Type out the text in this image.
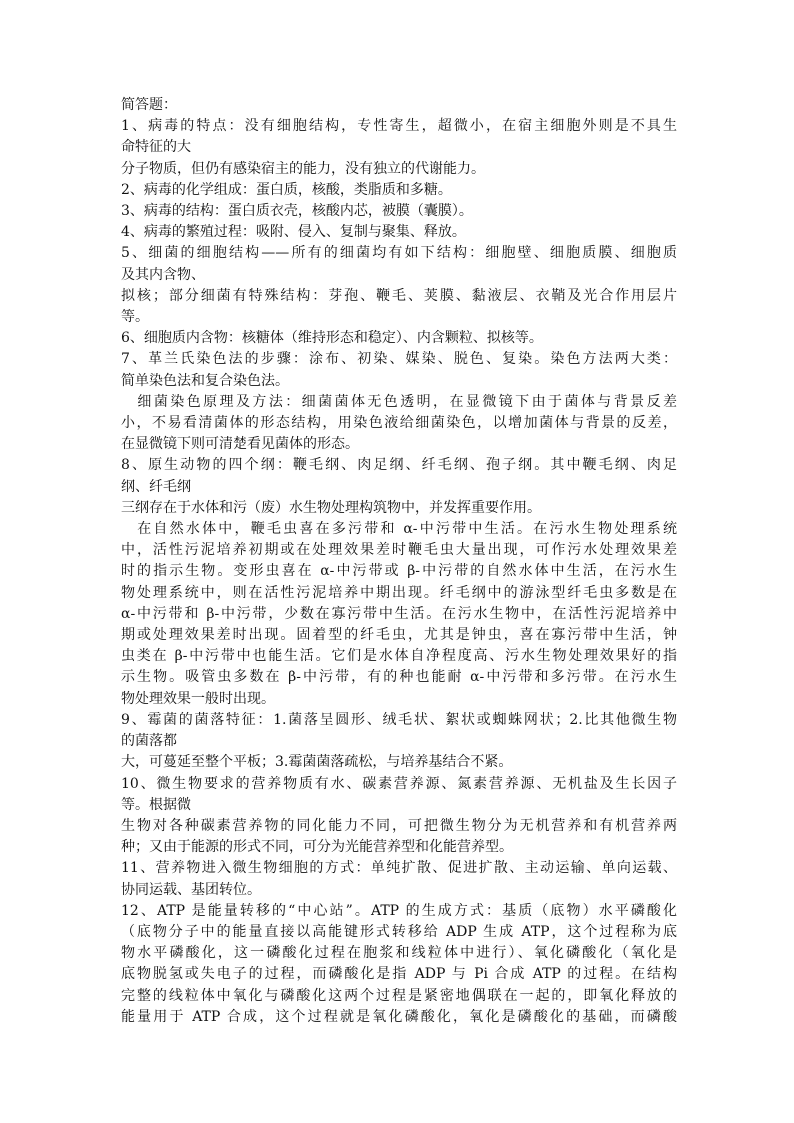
简答题：

1、病毒的特点：没有细胞结构，专性寄生，超微小，在宿主细胞外则是不具生

命特征的大

分子物质，但仍有感染宿主的能力，没有独立的代谢能力。

2、病毒的化学组成：蛋白质，核酸，类脂质和多糖。

3、病毒的结构：蛋白质衣壳，核酸内芯，被膜（囊膜）。

4、病毒的繁殖过程：吸附、侵入、复制与聚集、释放。

5、细菌的细胞结构——所有的细菌均有如下结构：细胞壁、细胞质膜、细胞质

及其内含物、

拟核；部分细菌有特殊结构：芽孢、鞭毛、荚膜、黏液层、衣鞘及光合作用层片

等。

6、细胞质内含物：核糖体（维持形态和稳定）、内含颗粒、拟核等。

7、革兰氏染色法的步骤：涂布、初染、媒染、脱色、复染。染色方法两大类：

简单染色法和复合染色法。

　细菌染色原理及方法：细菌菌体无色透明，在显微镜下由于菌体与背景反差

小，不易看清菌体的形态结构，用染色液给细菌染色，以增加菌体与背景的反差，

在显微镜下则可清楚看见菌体的形态。

8、原生动物的四个纲：鞭毛纲、肉足纲、纤毛纲、孢子纲。其中鞭毛纲、肉足

纲、纤毛纲

三纲存在于水体和污（废）水生物处理构筑物中，并发挥重要作用。

　在自然水体中，鞭毛虫喜在多污带和 α-中污带中生活。在污水生物处理系统

中，活性污泥培养初期或在处理效果差时鞭毛虫大量出现，可作污水处理效果差

时的指示生物。变形虫喜在 α-中污带或 β-中污带的自然水体中生活，在污水生

物处理系统中，则在活性污泥培养中期出现。纤毛纲中的游泳型纤毛虫多数是在

α-中污带和 β-中污带，少数在寡污带中生活。在污水生物中，在活性污泥培养中

期或处理效果差时出现。固着型的纤毛虫，尤其是钟虫，喜在寡污带中生活，钟

虫类在 β-中污带中也能生活。它们是水体自净程度高、污水生物处理效果好的指

示生物。吸管虫多数在 β-中污带，有的种也能耐 α-中污带和多污带。在污水生

物处理效果一般时出现。

9、霉菌的菌落特征：1.菌落呈圆形、绒毛状、絮状或蜘蛛网状；2.比其他微生物

的菌落都

大，可蔓延至整个平板；3.霉菌菌落疏松，与培养基结合不紧。

10、微生物要求的营养物质有水、碳素营养源、氮素营养源、无机盐及生长因子

等。根据微

生物对各种碳素营养物的同化能力不同，可把微生物分为无机营养和有机营养两

种；又由于能源的形式不同，可分为光能营养型和化能营养型。

11、营养物进入微生物细胞的方式：单纯扩散、促进扩散、主动运输、单向运载、

协同运载、基团转位。

12、ATP 是能量转移的“中心站”。ATP 的生成方式：基质（底物）水平磷酸化

（底物分子中的能量直接以高能键形式转移给 ADP 生成 ATP，这个过程称为底

物水平磷酸化，这一磷酸化过程在胞浆和线粒体中进行）、氧化磷酸化（氧化是

底物脱氢或失电子的过程，而磷酸化是指 ADP 与 Pi 合成 ATP 的过程。在结构

完整的线粒体中氧化与磷酸化这两个过程是紧密地偶联在一起的，即氧化释放的

能量用于 ATP 合成，这个过程就是氧化磷酸化，氧化是磷酸化的基础，而磷酸
